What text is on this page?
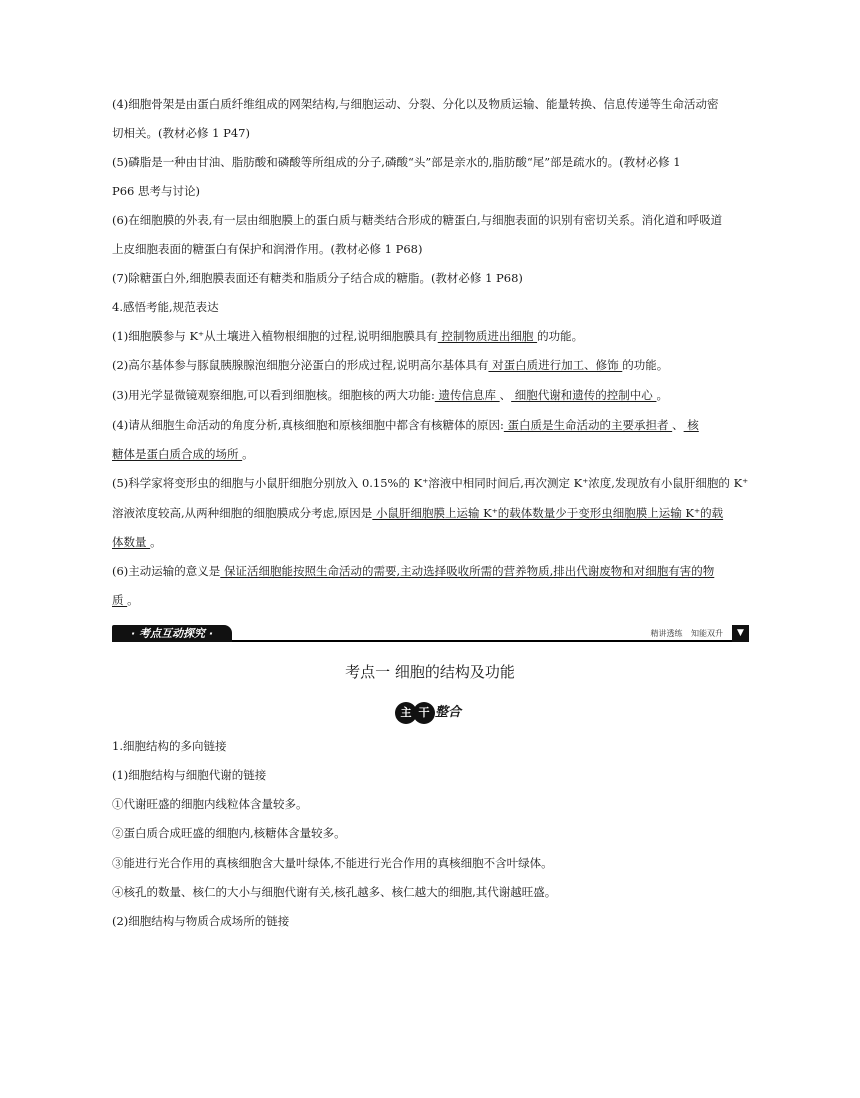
(4)细胞骨架是由蛋白质纤维组成的网架结构,与细胞运动、分裂、分化以及物质运输、能量转换、信息传递等生命活动密
切相关。(教材必修 1 P47)
(5)磷脂是一种由甘油、脂肪酸和磷酸等所组成的分子,磷酸“头”部是亲水的,脂肪酸“尾”部是疏水的。(教材必修 1
P66 思考与讨论)
(6)在细胞膜的外表,有一层由细胞膜上的蛋白质与糖类结合形成的糖蛋白,与细胞表面的识别有密切关系。消化道和呼吸道
上皮细胞表面的糖蛋白有保护和润滑作用。(教材必修 1 P68)
(7)除糖蛋白外,细胞膜表面还有糖类和脂质分子结合成的糖脂。(教材必修 1 P68)
4.感悟考能,规范表达
(1)细胞膜参与 K⁺从土壤进入植物根细胞的过程,说明细胞膜具有 控制物质进出细胞 的功能。
(2)高尔基体参与豚鼠胰腺腺泡细胞分泌蛋白的形成过程,说明高尔基体具有 对蛋白质进行加工、修饰 的功能。
(3)用光学显微镜观察细胞,可以看到细胞核。细胞核的两大功能: 遗传信息库 、 细胞代谢和遗传的控制中心 。
(4)请从细胞生命活动的角度分析,真核细胞和原核细胞中都含有核糖体的原因: 蛋白质是生命活动的主要承担者 、 核
糖体是蛋白质合成的场所 。
(5)科学家将变形虫的细胞与小鼠肝细胞分别放入 0.15%的 K⁺溶液中相同时间后,再次测定 K⁺浓度,发现放有小鼠肝细胞的 K⁺
溶液浓度较高,从两种细胞的细胞膜成分考虑,原因是 小鼠肝细胞膜上运输 K⁺的载体数量少于变形虫细胞膜上运输 K⁺的载
体数量 。
(6)主动运输的意义是 保证活细胞能按照生命活动的需要,主动选择吸收所需的营养物质,排出代谢废物和对细胞有害的物
质 。
· 考点互动探究 ·	精讲透练 知能双升	▼
考点一 细胞的结构及功能
主 干 整合
1.细胞结构的多向链接
(1)细胞结构与细胞代谢的链接
①代谢旺盛的细胞内线粒体含量较多。
②蛋白质合成旺盛的细胞内,核糖体含量较多。
③能进行光合作用的真核细胞含大量叶绿体,不能进行光合作用的真核细胞不含叶绿体。
④核孔的数量、核仁的大小与细胞代谢有关,核孔越多、核仁越大的细胞,其代谢越旺盛。
(2)细胞结构与物质合成场所的链接
